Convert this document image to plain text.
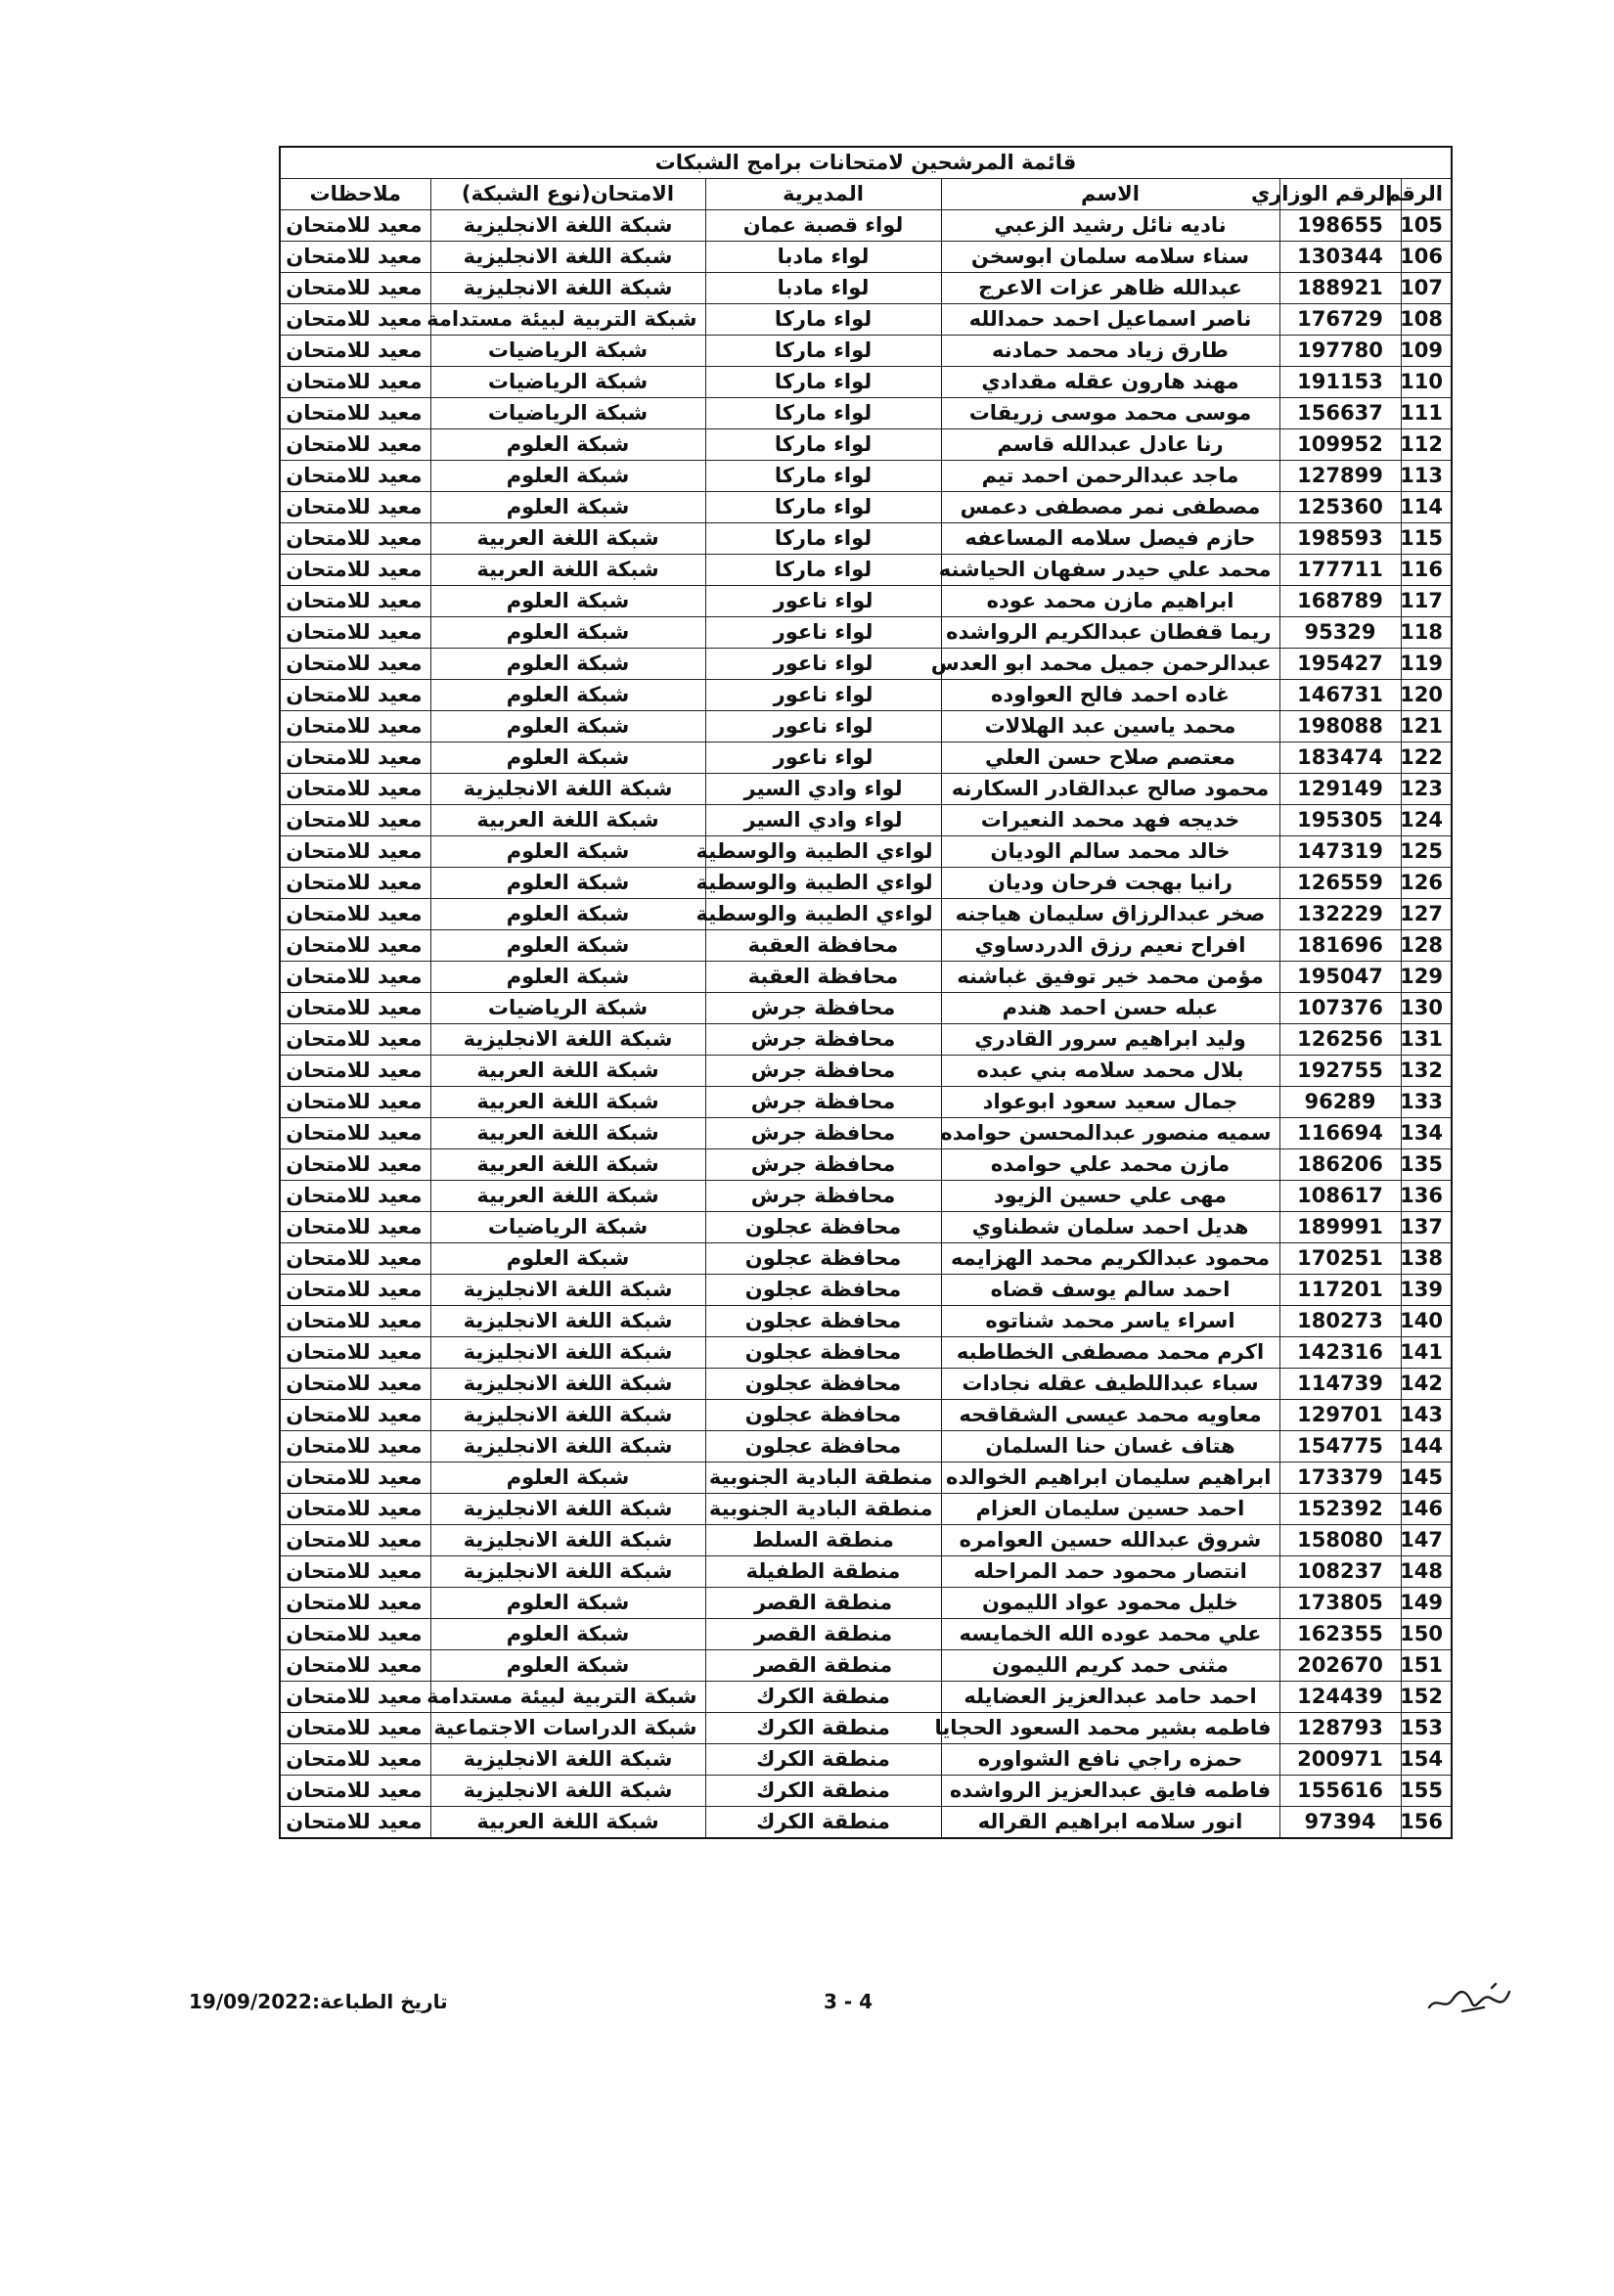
قائمة المرشحين لامتحانات برامج الشبكات					
الرقم	الرقم الوزاري	الاسم	المديرية	الامتحان(نوع الشبكة)	ملاحظات
105	198655	ناديه نائل رشيد الزعبي	لواء قصبة عمان	شبكة اللغة الانجليزية	معيد للامتحان
106	130344	سناء سلامه سلمان ابوسخن	لواء مادبا	شبكة اللغة الانجليزية	معيد للامتحان
107	188921	عبدالله ظاهر عزات الاعرج	لواء مادبا	شبكة اللغة الانجليزية	معيد للامتحان
108	176729	ناصر اسماعيل احمد حمدالله	لواء ماركا	شبكة التربية لبيئة مستدامة	معيد للامتحان
109	197780	طارق زياد محمد حمادنه	لواء ماركا	شبكة الرياضيات	معيد للامتحان
110	191153	مهند هارون عقله مقدادي	لواء ماركا	شبكة الرياضيات	معيد للامتحان
111	156637	موسى محمد موسى زريقات	لواء ماركا	شبكة الرياضيات	معيد للامتحان
112	109952	رنا عادل عبدالله قاسم	لواء ماركا	شبكة العلوم	معيد للامتحان
113	127899	ماجد عبدالرحمن احمد تيم	لواء ماركا	شبكة العلوم	معيد للامتحان
114	125360	مصطفى نمر مصطفى دعمس	لواء ماركا	شبكة العلوم	معيد للامتحان
115	198593	حازم فيصل سلامه المساعفه	لواء ماركا	شبكة اللغة العربية	معيد للامتحان
116	177711	محمد علي حيدر سفهان الحياشنه	لواء ماركا	شبكة اللغة العربية	معيد للامتحان
117	168789	ابراهيم مازن محمد عوده	لواء ناعور	شبكة العلوم	معيد للامتحان
118	95329	ريما قفطان عبدالكريم الرواشده	لواء ناعور	شبكة العلوم	معيد للامتحان
119	195427	عبدالرحمن جميل محمد ابو العدس	لواء ناعور	شبكة العلوم	معيد للامتحان
120	146731	غاده احمد فالح العواوده	لواء ناعور	شبكة العلوم	معيد للامتحان
121	198088	محمد ياسين عبد الهلالات	لواء ناعور	شبكة العلوم	معيد للامتحان
122	183474	معتصم صلاح حسن العلي	لواء ناعور	شبكة العلوم	معيد للامتحان
123	129149	محمود صالح عبدالقادر السكارنه	لواء وادي السير	شبكة اللغة الانجليزية	معيد للامتحان
124	195305	خديجه فهد محمد النعيرات	لواء وادي السير	شبكة اللغة العربية	معيد للامتحان
125	147319	خالد محمد سالم الوديان	لواءي الطيبة والوسطية	شبكة العلوم	معيد للامتحان
126	126559	رانيا بهجت فرحان وديان	لواءي الطيبة والوسطية	شبكة العلوم	معيد للامتحان
127	132229	صخر عبدالرزاق سليمان هياجنه	لواءي الطيبة والوسطية	شبكة العلوم	معيد للامتحان
128	181696	افراح نعيم رزق الدردساوي	محافظة العقبة	شبكة العلوم	معيد للامتحان
129	195047	مؤمن محمد خير توفيق غباشنه	محافظة العقبة	شبكة العلوم	معيد للامتحان
130	107376	عبله حسن احمد هندم	محافظة جرش	شبكة الرياضيات	معيد للامتحان
131	126256	وليد ابراهيم سرور القادري	محافظة جرش	شبكة اللغة الانجليزية	معيد للامتحان
132	192755	بلال محمد سلامه بني عبده	محافظة جرش	شبكة اللغة العربية	معيد للامتحان
133	96289	جمال سعيد سعود ابوعواد	محافظة جرش	شبكة اللغة العربية	معيد للامتحان
134	116694	سميه منصور عبدالمحسن حوامده	محافظة جرش	شبكة اللغة العربية	معيد للامتحان
135	186206	مازن محمد علي حوامده	محافظة جرش	شبكة اللغة العربية	معيد للامتحان
136	108617	مهى علي حسين الزيود	محافظة جرش	شبكة اللغة العربية	معيد للامتحان
137	189991	هديل احمد سلمان شطناوي	محافظة عجلون	شبكة الرياضيات	معيد للامتحان
138	170251	محمود عبدالكريم محمد الهزايمه	محافظة عجلون	شبكة العلوم	معيد للامتحان
139	117201	احمد سالم يوسف قضاه	محافظة عجلون	شبكة اللغة الانجليزية	معيد للامتحان
140	180273	اسراء ياسر محمد شناتوه	محافظة عجلون	شبكة اللغة الانجليزية	معيد للامتحان
141	142316	اكرم محمد مصطفى الخطاطبه	محافظة عجلون	شبكة اللغة الانجليزية	معيد للامتحان
142	114739	سباء عبداللطيف عقله نجادات	محافظة عجلون	شبكة اللغة الانجليزية	معيد للامتحان
143	129701	معاويه محمد عيسى الشقاقحه	محافظة عجلون	شبكة اللغة الانجليزية	معيد للامتحان
144	154775	هتاف غسان حنا السلمان	محافظة عجلون	شبكة اللغة الانجليزية	معيد للامتحان
145	173379	ابراهيم سليمان ابراهيم الخوالده	منطقة البادية الجنوبية	شبكة العلوم	معيد للامتحان
146	152392	احمد حسين سليمان العزام	منطقة البادية الجنوبية	شبكة اللغة الانجليزية	معيد للامتحان
147	158080	شروق عبدالله حسين العوامره	منطقة السلط	شبكة اللغة الانجليزية	معيد للامتحان
148	108237	انتصار محمود حمد المراحله	منطقة الطفيلة	شبكة اللغة الانجليزية	معيد للامتحان
149	173805	خليل محمود عواد الليمون	منطقة القصر	شبكة العلوم	معيد للامتحان
150	162355	علي محمد عوده الله الخمايسه	منطقة القصر	شبكة العلوم	معيد للامتحان
151	202670	مثنى حمد كريم الليمون	منطقة القصر	شبكة العلوم	معيد للامتحان
152	124439	احمد حامد عبدالعزيز العضايله	منطقة الكرك	شبكة التربية لبيئة مستدامة	معيد للامتحان
153	128793	فاطمه بشير محمد السعود الحجايا	منطقة الكرك	شبكة الدراسات الاجتماعية	معيد للامتحان
154	200971	حمزه راجي نافع الشواوره	منطقة الكرك	شبكة اللغة الانجليزية	معيد للامتحان
155	155616	فاطمه فايق عبدالعزيز الرواشده	منطقة الكرك	شبكة اللغة الانجليزية	معيد للامتحان
156	97394	انور سلامه ابراهيم القراله	منطقة الكرك	شبكة اللغة العربية	معيد للامتحان
تاريخ الطباعة:19/09/2022	3 - 4
